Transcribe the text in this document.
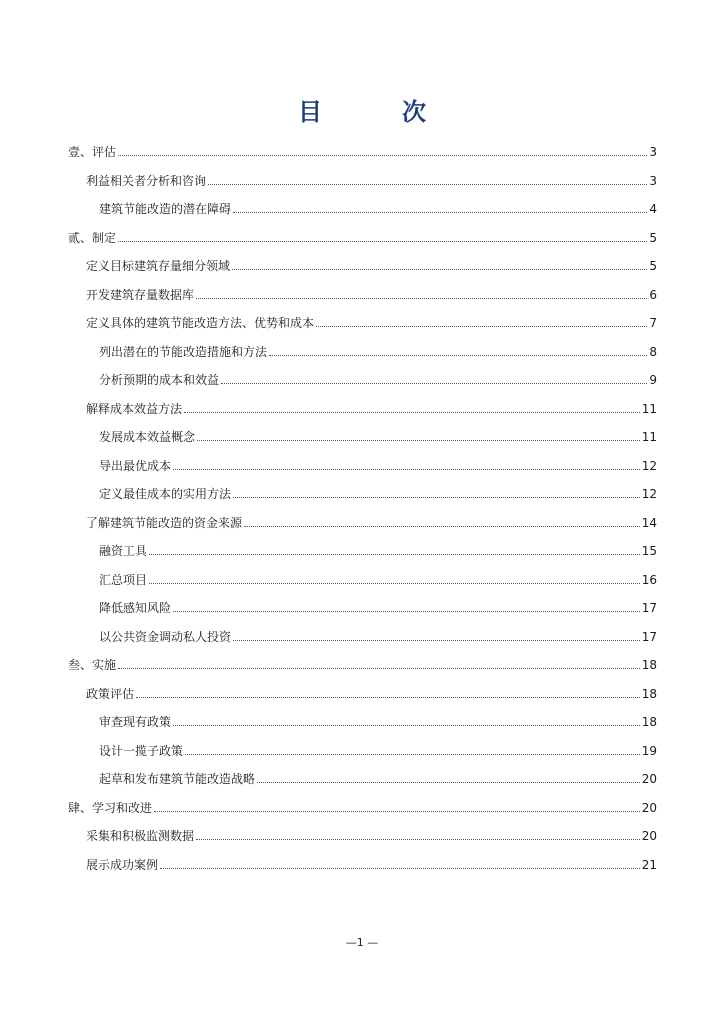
目　次
壹、评估	3
利益相关者分析和咨询	3
建筑节能改造的潜在障碍	4
贰、制定	5
定义目标建筑存量细分领域	5
开发建筑存量数据库	6
定义具体的建筑节能改造方法、优势和成本	7
列出潜在的节能改造措施和方法	8
分析预期的成本和效益	9
解释成本效益方法	11
发展成本效益概念	11
导出最优成本	12
定义最佳成本的实用方法	12
了解建筑节能改造的资金来源	14
融资工具	15
汇总项目	16
降低感知风险	17
以公共资金调动私人投资	17
叁、实施	18
政策评估	18
审查现有政策	18
设计一揽子政策	19
起草和发布建筑节能改造战略	20
肆、学习和改进	20
采集和积极监测数据	20
展示成功案例	21
—1 —
